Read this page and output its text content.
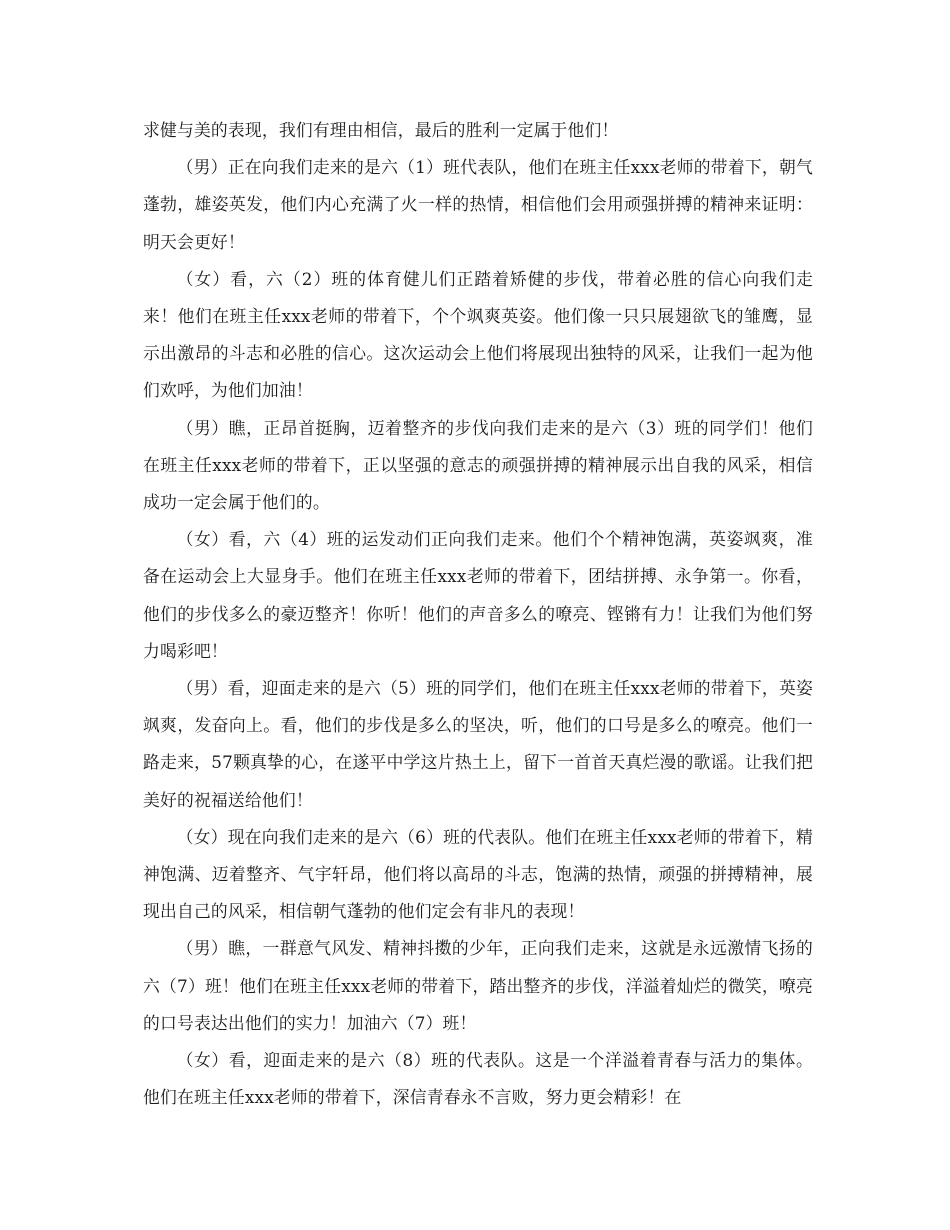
求健与美的表现，我们有理由相信，最后的胜利一定属于他们！

（男）正在向我们走来的是六（1）班代表队，他们在班主任xxx老师的带着下，朝气蓬勃，雄姿英发，他们内心充满了火一样的热情，相信他们会用顽强拼搏的精神来证明：明天会更好！

（女）看，六（2）班的体育健儿们正踏着矫健的步伐，带着必胜的信心向我们走来！他们在班主任xxx老师的带着下，个个飒爽英姿。他们像一只只展翅欲飞的雏鹰，显示出激昂的斗志和必胜的信心。这次运动会上他们将展现出独特的风采，让我们一起为他们欢呼，为他们加油！

（男）瞧，正昂首挺胸，迈着整齐的步伐向我们走来的是六（3）班的同学们！他们在班主任xxx老师的带着下，正以坚强的意志的顽强拼搏的精神展示出自我的风采，相信成功一定会属于他们的。

（女）看，六（4）班的运发动们正向我们走来。他们个个精神饱满，英姿飒爽，准备在运动会上大显身手。他们在班主任xxx老师的带着下，团结拼搏、永争第一。你看，他们的步伐多么的豪迈整齐！你听！他们的声音多么的嘹亮、铿锵有力！让我们为他们努力喝彩吧！

（男）看，迎面走来的是六（5）班的同学们，他们在班主任xxx老师的带着下，英姿飒爽，发奋向上。看，他们的步伐是多么的坚决，听，他们的口号是多么的嘹亮。他们一路走来，57颗真挚的心，在遂平中学这片热土上，留下一首首天真烂漫的歌谣。让我们把美好的祝福送给他们！

（女）现在向我们走来的是六（6）班的代表队。他们在班主任xxx老师的带着下，精神饱满、迈着整齐、气宇轩昂，他们将以高昂的斗志，饱满的热情，顽强的拼搏精神，展现出自己的风采，相信朝气蓬勃的他们定会有非凡的表现！

（男）瞧，一群意气风发、精神抖擞的少年，正向我们走来，这就是永远激情飞扬的六（7）班！他们在班主任xxx老师的带着下，踏出整齐的步伐，洋溢着灿烂的微笑，嘹亮的口号表达出他们的实力！加油六（7）班！

（女）看，迎面走来的是六（8）班的代表队。这是一个洋溢着青春与活力的集体。他们在班主任xxx老师的带着下，深信青春永不言败，努力更会精彩！在
